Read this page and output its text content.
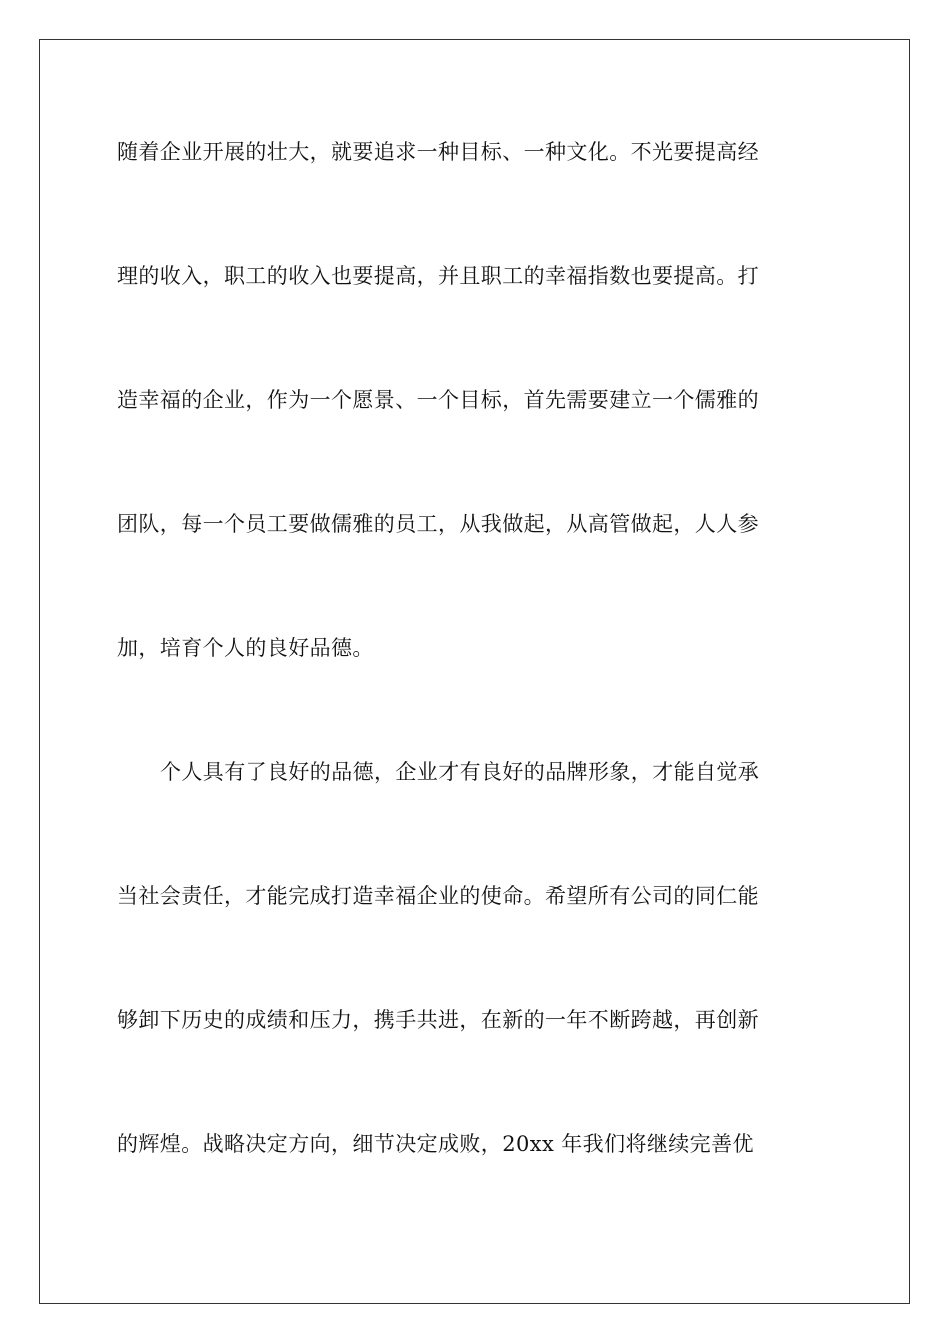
随着企业开展的壮大，就要追求一种目标、一种文化。不光要提高经
理的收入，职工的收入也要提高，并且职工的幸福指数也要提高。打
造幸福的企业，作为一个愿景、一个目标，首先需要建立一个儒雅的
团队，每一个员工要做儒雅的员工，从我做起，从高管做起，人人参
加，培育个人的良好品德。
个人具有了良好的品德，企业才有良好的品牌形象，才能自觉承
当社会责任，才能完成打造幸福企业的使命。希望所有公司的同仁能
够卸下历史的成绩和压力，携手共进，在新的一年不断跨越，再创新
的辉煌。战略决定方向，细节决定成败，20xx 年我们将继续完善优
